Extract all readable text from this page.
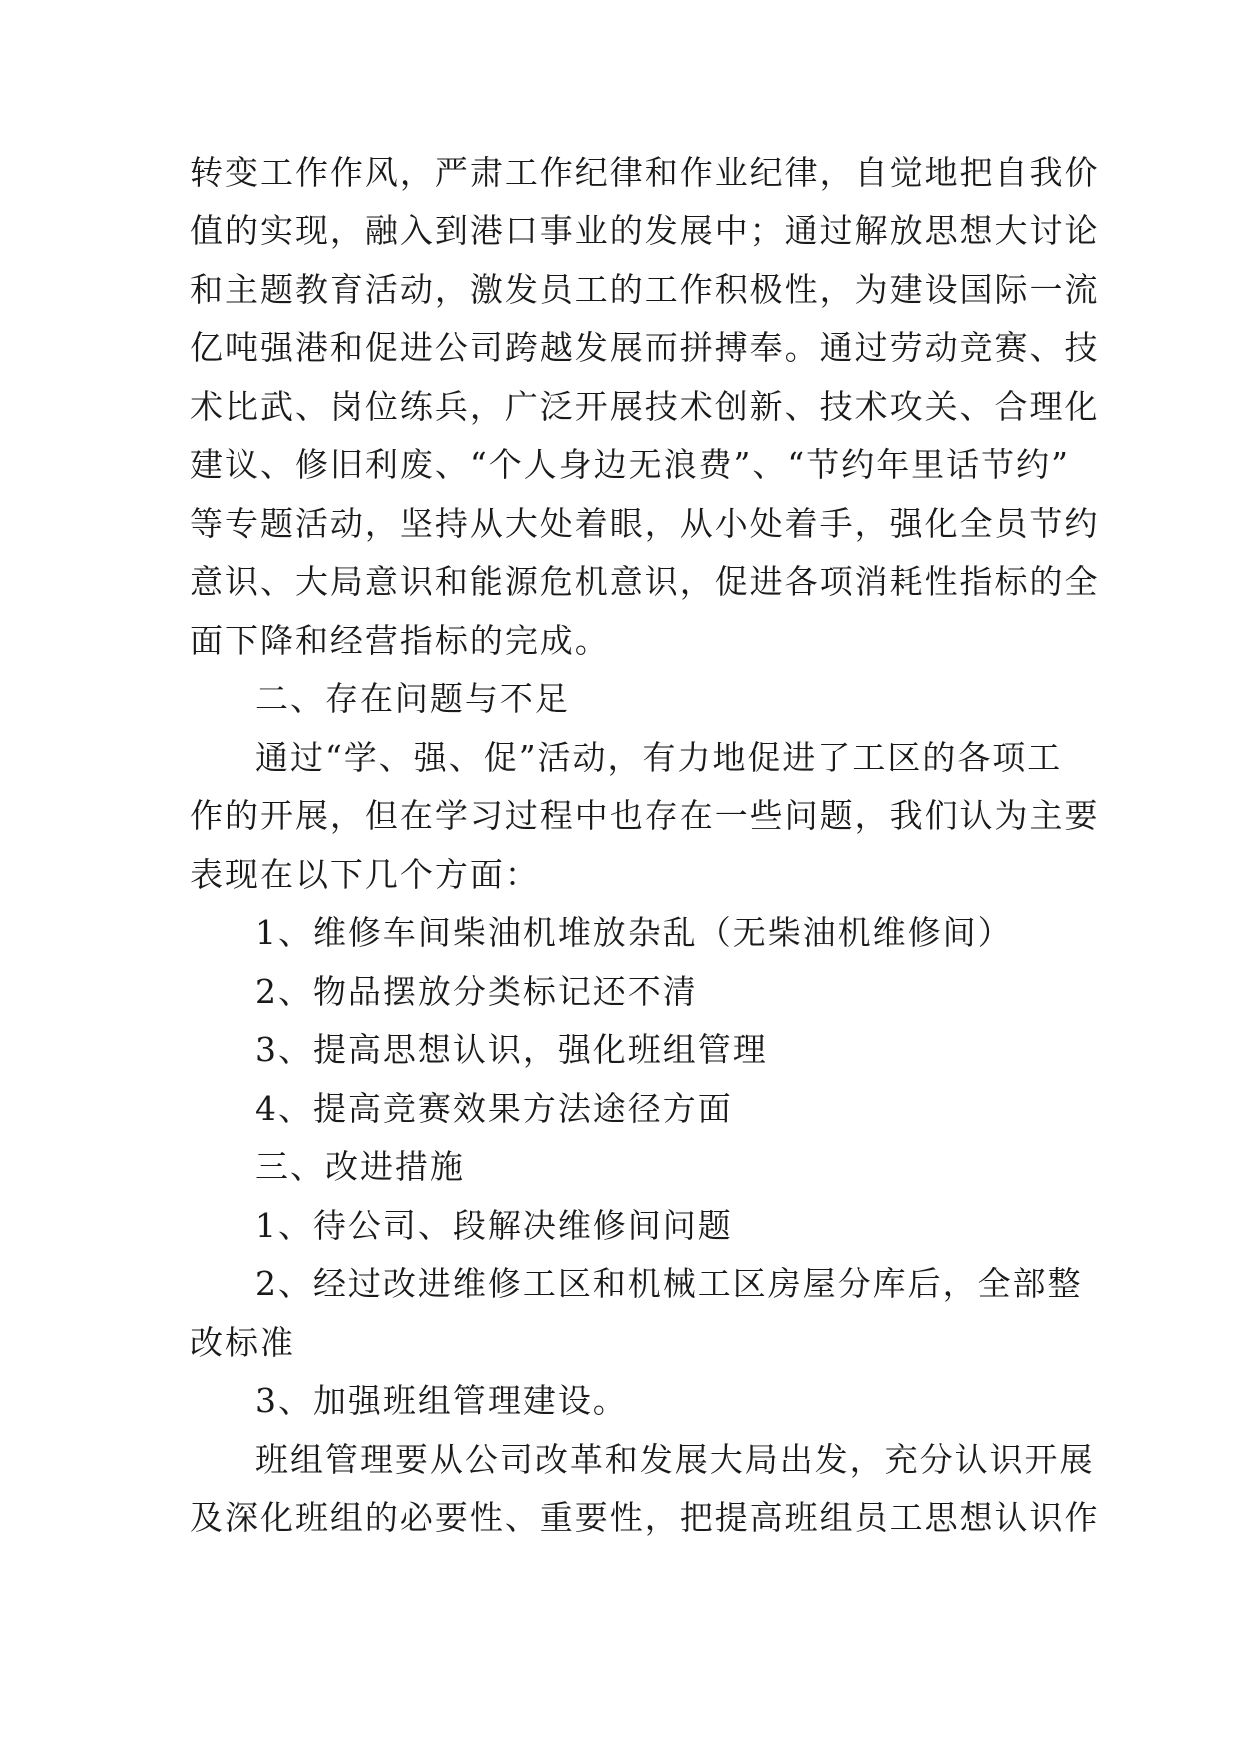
转变工作作风，严肃工作纪律和作业纪律，自觉地把自我价
值的实现，融入到港口事业的发展中；通过解放思想大讨论
和主题教育活动，激发员工的工作积极性，为建设国际一流
亿吨强港和促进公司跨越发展而拼搏奉。通过劳动竞赛、技
术比武、岗位练兵，广泛开展技术创新、技术攻关、合理化
建议、修旧利废、“个人身边无浪费”、“节约年里话节约”
等专题活动，坚持从大处着眼，从小处着手，强化全员节约
意识、大局意识和能源危机意识，促进各项消耗性指标的全
面下降和经营指标的完成。
二、存在问题与不足
通过“学、强、促”活动，有力地促进了工区的各项工
作的开展，但在学习过程中也存在一些问题，我们认为主要
表现在以下几个方面：
1、维修车间柴油机堆放杂乱（无柴油机维修间）
2、物品摆放分类标记还不清
3、提高思想认识，强化班组管理
4、提高竞赛效果方法途径方面
三、改进措施
1、待公司、段解决维修间问题
2、经过改进维修工区和机械工区房屋分库后，全部整
改标准
3、加强班组管理建设。
班组管理要从公司改革和发展大局出发，充分认识开展
及深化班组的必要性、重要性，把提高班组员工思想认识作
